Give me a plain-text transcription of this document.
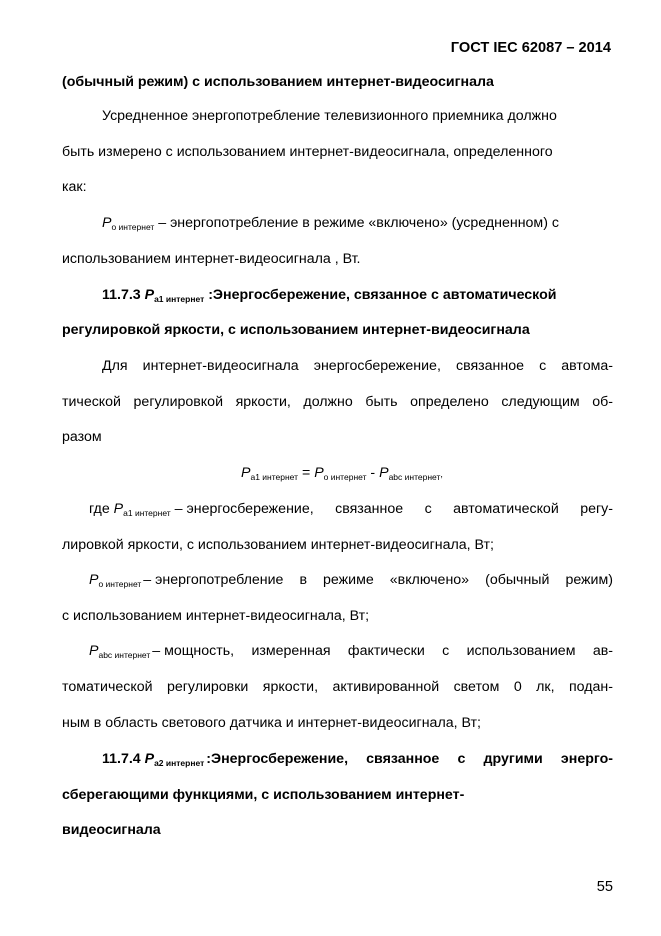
ГОСТ IEC 62087 – 2014
(обычный режим) с использованием интернет-видеосигнала
Усредненное энергопотребление телевизионного приемника должно
быть измерено с использованием интернет-видеосигнала, определенного
как:
$P_{о интернет}$ – энергопотребление в режиме «включено» (усредненном) с
использованием интернет-видеосигнала , Вт.
11.7.3 $P_{a1 интернет}$ :Энергосбережение, связанное с автоматической
регулировкой яркости, с использованием интернет-видеосигнала
Для интернет-видеосигнала энергосбережение, связанное с автома-
тической регулировкой яркости, должно быть определено следующим об-
разом
$P_{a1 интернет} = P_{о интернет} - P_{abc интернет}$,
где $P_{a1 интернет}$ – энергосбережение, связанное с автоматической регу-
лировкой яркости, с использованием интернет-видеосигнала, Вт;
$P_{о интернет}$ – энергопотребление в режиме «включено» (обычный режим)
с использованием интернет-видеосигнала, Вт;
$P_{abc интернет}$ – мощность, измеренная фактически с использованием ав-
томатической регулировки яркости, активированной светом 0 лк, подан-
ным в область светового датчика и интернет-видеосигнала, Вт;
11.7.4 $P_{a2 интернет}$ :Энергосбережение, связанное с другими энерго-
сберегающими функциями, с использованием интернет-
видеосигнала
55
